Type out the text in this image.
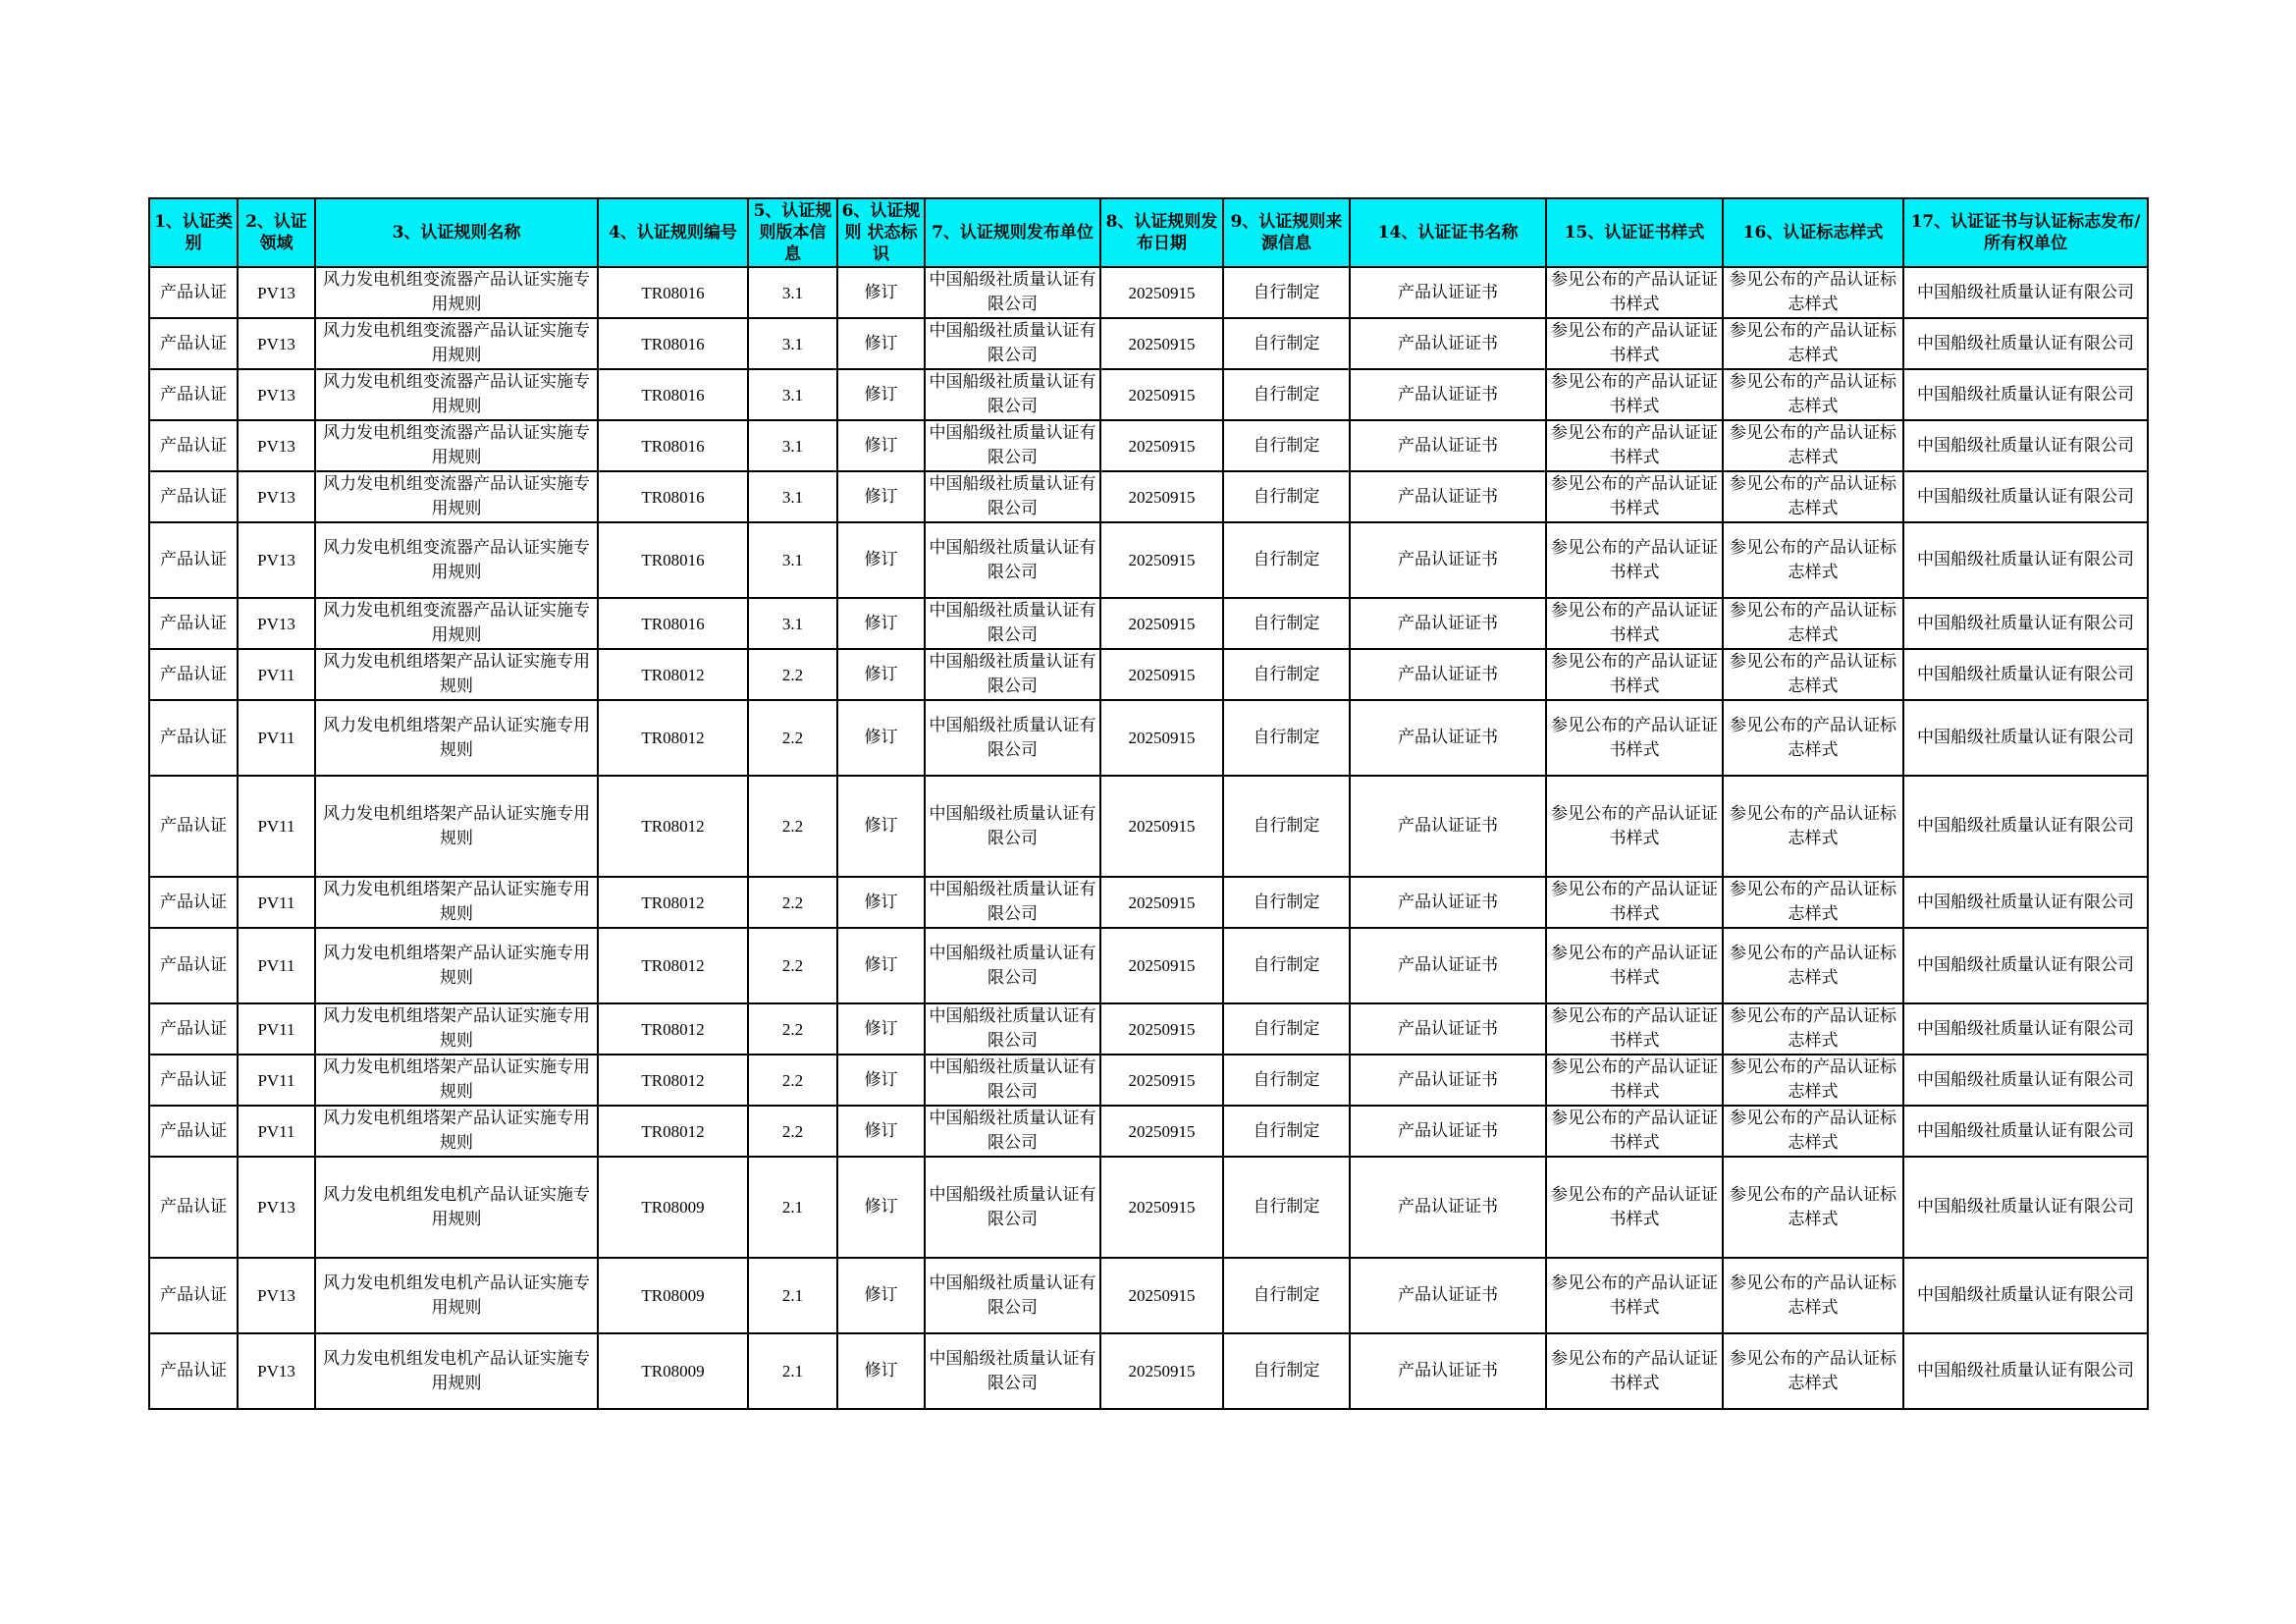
1、认证类别	2、认证领域	3、认证规则名称	4、认证规则编号	5、认证规则版本信息	6、认证规则 状态标识	7、认证规则发布单位	8、认证规则发布日期	9、认证规则来源信息	14、认证证书名称	15、认证证书样式	16、认证标志样式	17、认证证书与认证标志发布/所有权单位
产品认证	PV13	风力发电机组变流器产品认证实施专用规则	TR08016	3.1	修订	中国船级社质量认证有限公司	20250915	自行制定	产品认证证书	参见公布的产品认证证书样式	参见公布的产品认证标志样式	中国船级社质量认证有限公司
产品认证	PV13	风力发电机组变流器产品认证实施专用规则	TR08016	3.1	修订	中国船级社质量认证有限公司	20250915	自行制定	产品认证证书	参见公布的产品认证证书样式	参见公布的产品认证标志样式	中国船级社质量认证有限公司
产品认证	PV13	风力发电机组变流器产品认证实施专用规则	TR08016	3.1	修订	中国船级社质量认证有限公司	20250915	自行制定	产品认证证书	参见公布的产品认证证书样式	参见公布的产品认证标志样式	中国船级社质量认证有限公司
产品认证	PV13	风力发电机组变流器产品认证实施专用规则	TR08016	3.1	修订	中国船级社质量认证有限公司	20250915	自行制定	产品认证证书	参见公布的产品认证证书样式	参见公布的产品认证标志样式	中国船级社质量认证有限公司
产品认证	PV13	风力发电机组变流器产品认证实施专用规则	TR08016	3.1	修订	中国船级社质量认证有限公司	20250915	自行制定	产品认证证书	参见公布的产品认证证书样式	参见公布的产品认证标志样式	中国船级社质量认证有限公司
产品认证	PV13	风力发电机组变流器产品认证实施专用规则	TR08016	3.1	修订	中国船级社质量认证有限公司	20250915	自行制定	产品认证证书	参见公布的产品认证证书样式	参见公布的产品认证标志样式	中国船级社质量认证有限公司
产品认证	PV13	风力发电机组变流器产品认证实施专用规则	TR08016	3.1	修订	中国船级社质量认证有限公司	20250915	自行制定	产品认证证书	参见公布的产品认证证书样式	参见公布的产品认证标志样式	中国船级社质量认证有限公司
产品认证	PV11	风力发电机组塔架产品认证实施专用规则	TR08012	2.2	修订	中国船级社质量认证有限公司	20250915	自行制定	产品认证证书	参见公布的产品认证证书样式	参见公布的产品认证标志样式	中国船级社质量认证有限公司
产品认证	PV11	风力发电机组塔架产品认证实施专用规则	TR08012	2.2	修订	中国船级社质量认证有限公司	20250915	自行制定	产品认证证书	参见公布的产品认证证书样式	参见公布的产品认证标志样式	中国船级社质量认证有限公司
产品认证	PV11	风力发电机组塔架产品认证实施专用规则	TR08012	2.2	修订	中国船级社质量认证有限公司	20250915	自行制定	产品认证证书	参见公布的产品认证证书样式	参见公布的产品认证标志样式	中国船级社质量认证有限公司
产品认证	PV11	风力发电机组塔架产品认证实施专用规则	TR08012	2.2	修订	中国船级社质量认证有限公司	20250915	自行制定	产品认证证书	参见公布的产品认证证书样式	参见公布的产品认证标志样式	中国船级社质量认证有限公司
产品认证	PV11	风力发电机组塔架产品认证实施专用规则	TR08012	2.2	修订	中国船级社质量认证有限公司	20250915	自行制定	产品认证证书	参见公布的产品认证证书样式	参见公布的产品认证标志样式	中国船级社质量认证有限公司
产品认证	PV11	风力发电机组塔架产品认证实施专用规则	TR08012	2.2	修订	中国船级社质量认证有限公司	20250915	自行制定	产品认证证书	参见公布的产品认证证书样式	参见公布的产品认证标志样式	中国船级社质量认证有限公司
产品认证	PV11	风力发电机组塔架产品认证实施专用规则	TR08012	2.2	修订	中国船级社质量认证有限公司	20250915	自行制定	产品认证证书	参见公布的产品认证证书样式	参见公布的产品认证标志样式	中国船级社质量认证有限公司
产品认证	PV11	风力发电机组塔架产品认证实施专用规则	TR08012	2.2	修订	中国船级社质量认证有限公司	20250915	自行制定	产品认证证书	参见公布的产品认证证书样式	参见公布的产品认证标志样式	中国船级社质量认证有限公司
产品认证	PV13	风力发电机组发电机产品认证实施专用规则	TR08009	2.1	修订	中国船级社质量认证有限公司	20250915	自行制定	产品认证证书	参见公布的产品认证证书样式	参见公布的产品认证标志样式	中国船级社质量认证有限公司
产品认证	PV13	风力发电机组发电机产品认证实施专用规则	TR08009	2.1	修订	中国船级社质量认证有限公司	20250915	自行制定	产品认证证书	参见公布的产品认证证书样式	参见公布的产品认证标志样式	中国船级社质量认证有限公司
产品认证	PV13	风力发电机组发电机产品认证实施专用规则	TR08009	2.1	修订	中国船级社质量认证有限公司	20250915	自行制定	产品认证证书	参见公布的产品认证证书样式	参见公布的产品认证标志样式	中国船级社质量认证有限公司
